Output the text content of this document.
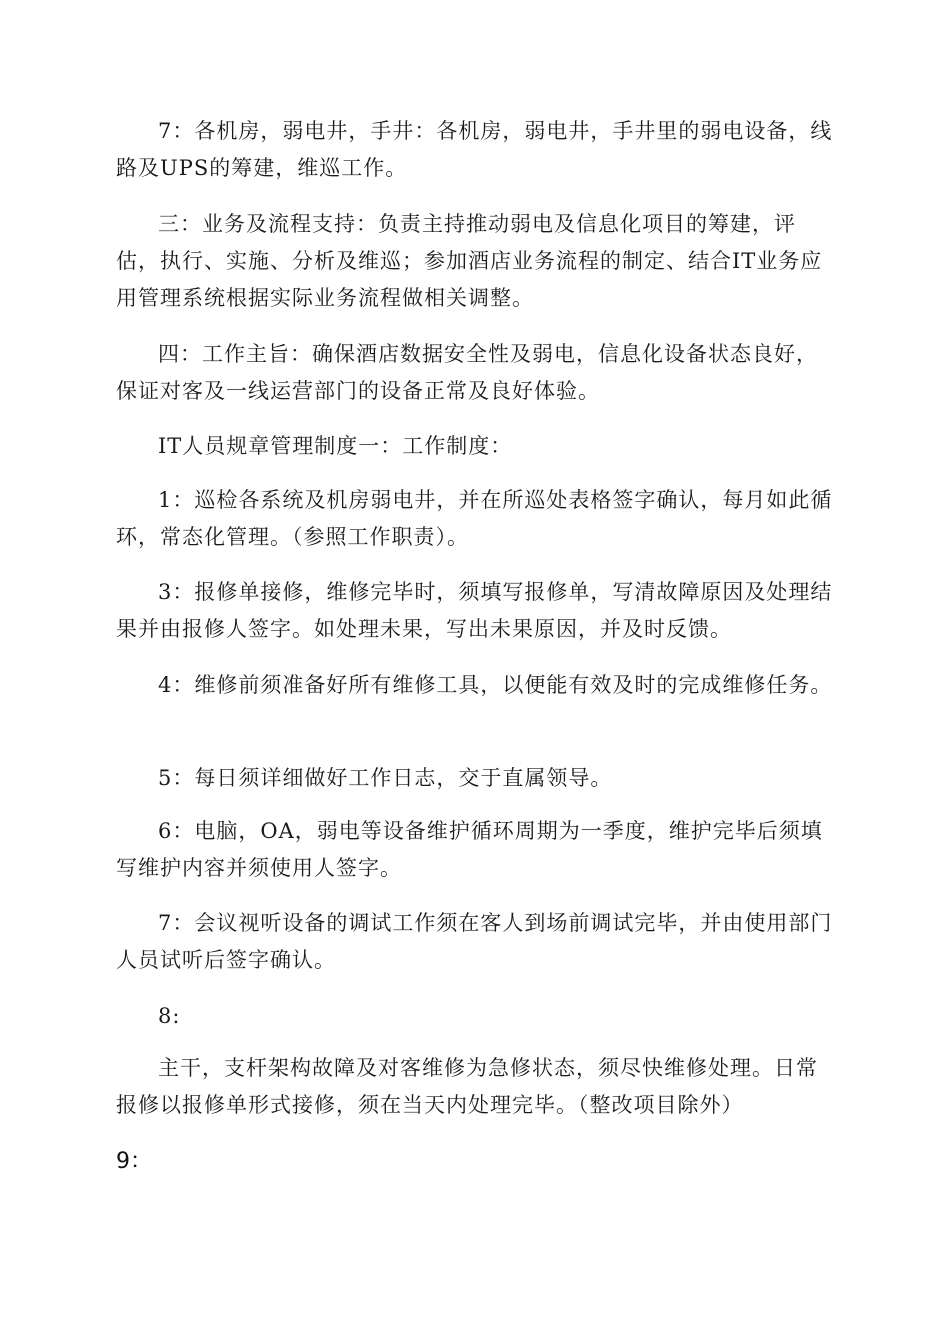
7：各机房，弱电井，手井：各机房，弱电井，手井里的弱电设备，线路及UPS的筹建，维巡工作。

三：业务及流程支持：负责主持推动弱电及信息化项目的筹建，评估，执行、实施、分析及维巡；参加酒店业务流程的制定、结合IT业务应用管理系统根据实际业务流程做相关调整。

四：工作主旨：确保酒店数据安全性及弱电，信息化设备状态良好，保证对客及一线运营部门的设备正常及良好体验。

IT人员规章管理制度一：工作制度：

1：巡检各系统及机房弱电井，并在所巡处表格签字确认，每月如此循环，常态化管理。（参照工作职责）。

3：报修单接修，维修完毕时，须填写报修单，写清故障原因及处理结果并由报修人签字。如处理未果，写出未果原因，并及时反馈。

4：维修前须准备好所有维修工具，以便能有效及时的完成维修任务。

5：每日须详细做好工作日志，交于直属领导。

6：电脑，OA，弱电等设备维护循环周期为一季度，维护完毕后须填写维护内容并须使用人签字。

7：会议视听设备的调试工作须在客人到场前调试完毕，并由使用部门人员试听后签字确认。

8:

主干，支杆架构故障及对客维修为急修状态，须尽快维修处理。日常报修以报修单形式接修，须在当天内处理完毕。（整改项目除外）

9：
